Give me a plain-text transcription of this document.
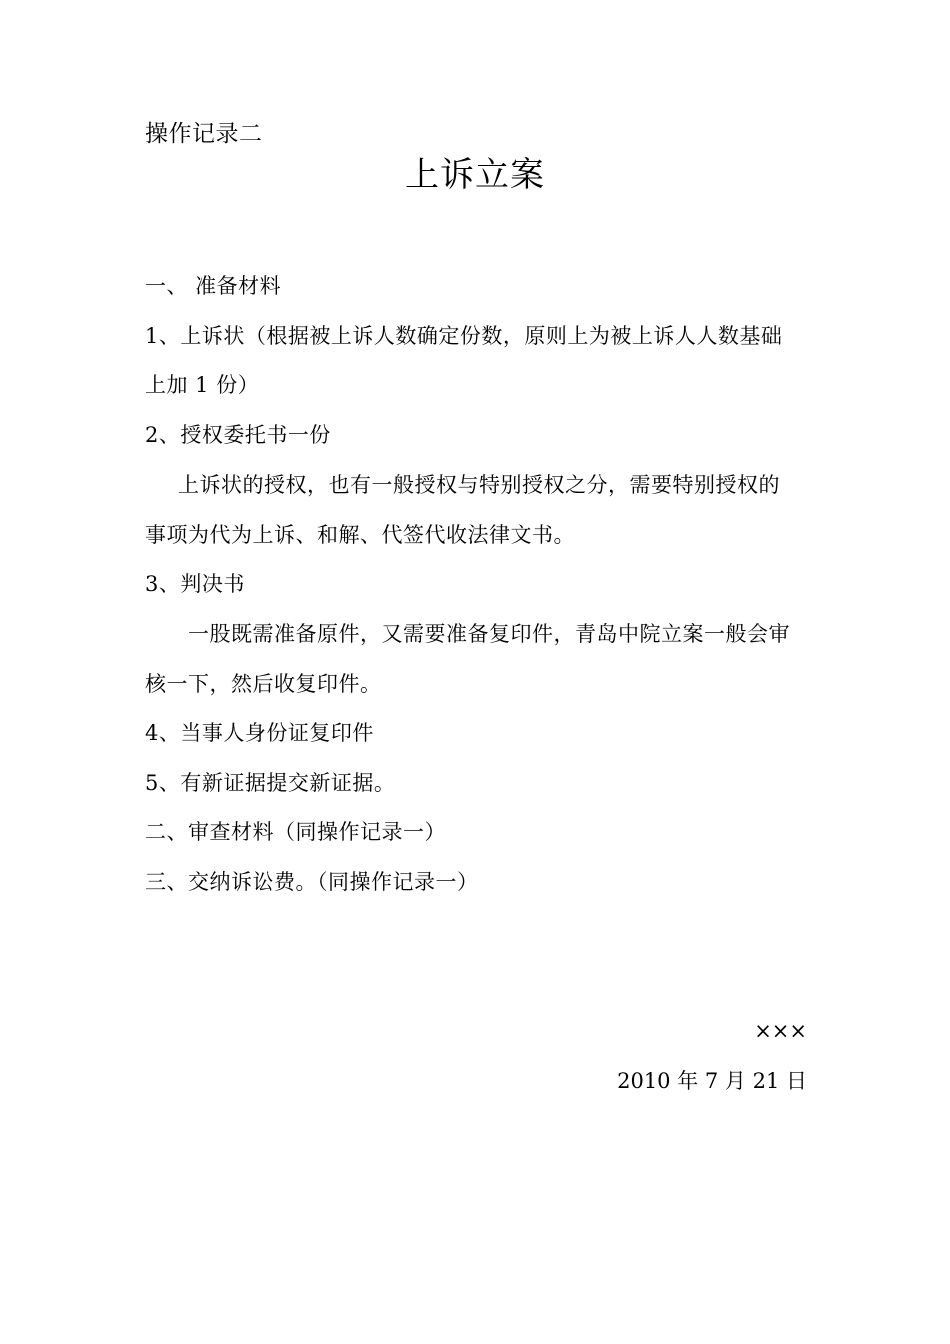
操作记录二
上诉立案
一、 准备材料
1、上诉状（根据被上诉人数确定份数，原则上为被上诉人人数基础
上加 1 份）
2、授权委托书一份
上诉状的授权，也有一般授权与特别授权之分，需要特别授权的
事项为代为上诉、和解、代签代收法律文书。
3、判决书
一股既需准备原件，又需要准备复印件，青岛中院立案一般会审
核一下，然后收复印件。
4、当事人身份证复印件
5、有新证据提交新证据。
二、审查材料（同操作记录一）
三、交纳诉讼费。（同操作记录一）
×××
2010 年 7 月 21 日
